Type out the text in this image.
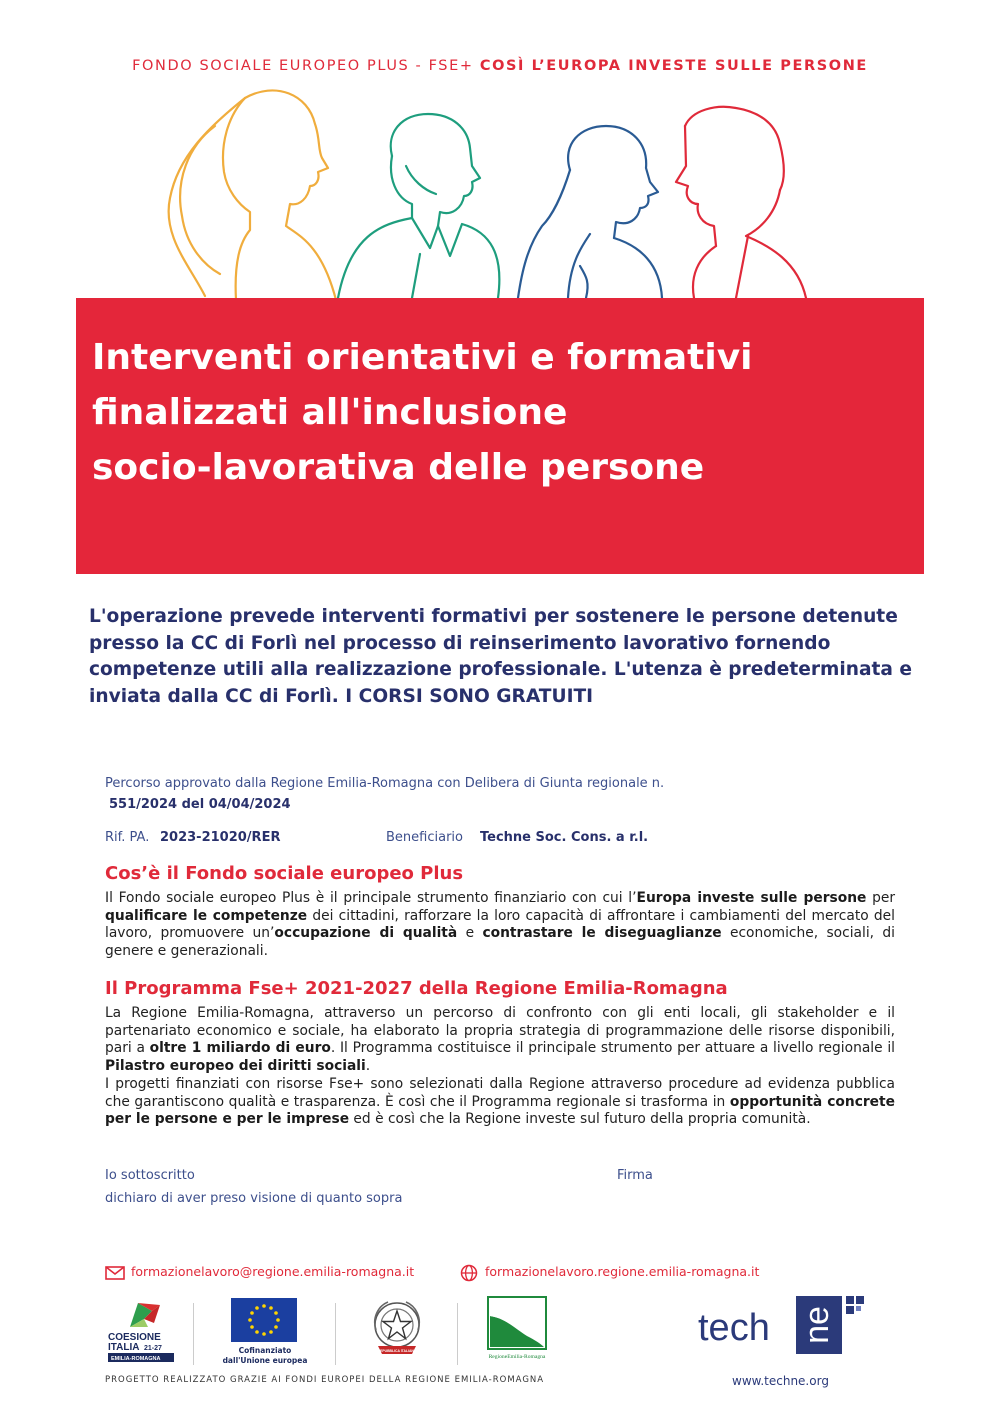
FONDO SOCIALE EUROPEO PLUS - FSE+ COSÌ L’EUROPA INVESTE SULLE PERSONE
Interventi orientativi e formativi
finalizzati all'inclusione
socio-lavorativa delle persone

L'operazione prevede interventi formativi per sostenere le persone detenute presso la CC di Forlì nel processo di reinserimento lavorativo fornendo competenze utili alla realizzazione professionale. L'utenza è predeterminata e inviata dalla CC di Forlì. I CORSI SONO GRATUITI

Percorso approvato dalla Regione Emilia-Romagna con Delibera di Giunta regionale n.
551/2024 del 04/04/2024
Rif. PA. 2023-21020/RER	Beneficiario Techne Soc. Cons. a r.l.
Cos’è il Fondo sociale europeo Plus

Il Fondo sociale europeo Plus è il principale strumento finanziario con cui l’Europa investe sulle persone per qualificare le competenze dei cittadini, rafforzare la loro capacità di affrontare i cambiamenti del mercato del lavoro, promuovere un’occupazione di qualità e contrastare le diseguaglianze economiche, sociali, di genere e generazionali.

Il Programma Fse+ 2021-2027 della Regione Emilia-Romagna

La Regione Emilia-Romagna, attraverso un percorso di confronto con gli enti locali, gli stakeholder e il partenariato economico e sociale, ha elaborato la propria strategia di programmazione delle risorse disponibili, pari a oltre 1 miliardo di euro. Il Programma costituisce il principale strumento per attuare a livello regionale il Pilastro europeo dei diritti sociali.
I progetti finanziati con risorse Fse+ sono selezionati dalla Regione attraverso procedure ad evidenza pubblica che garantiscono qualità e trasparenza. È così che il Programma regionale si trasforma in opportunità concrete per le persone e per le imprese ed è così che la Regione investe sul futuro della propria comunità.

Io sottoscritto	Firma
dichiaro di aver preso visione di quanto sopra
formazionelavoro@regione.emilia-romagna.it	formazionelavoro.regione.emilia-romagna.it
COESIONE
ITALIA 21-27
EMILIA-ROMAGNA
Cofinanziato
dall'Unione europea
REPUBBLICA ITALIANA
RegioneEmilia-Romagna
tech ne
www.techne.org
PROGETTO REALIZZATO GRAZIE AI FONDI EUROPEI DELLA REGIONE EMILIA-ROMAGNA
